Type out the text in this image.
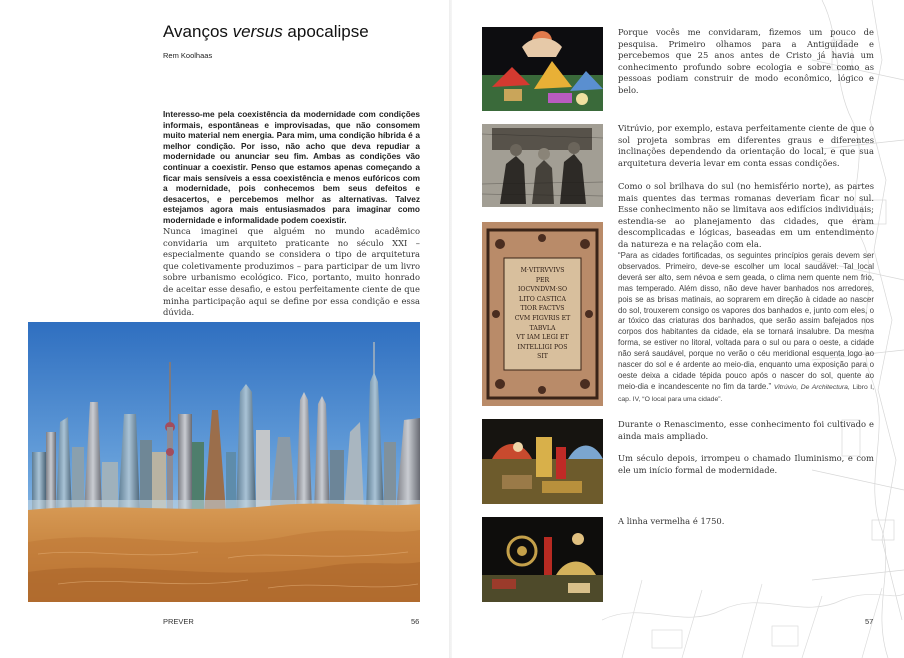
Avanços versus apocalipse
Rem Koolhaas

Interesso-me pela coexistência da modernidade com condições informais, espontâneas e improvisadas, que não consomem muito material nem energia. Para mim, uma condição híbrida é a melhor condição. Por isso, não acho que deva repudiar a modernidade ou anunciar seu fim. Ambas as condições vão continuar a coexistir. Penso que estamos apenas começando a ficar mais sensíveis a essa coexistência e menos eufóricos com a modernidade, pois conhecemos bem seus defeitos e desacertos, e percebemos melhor as alternativas. Talvez estejamos agora mais entusiasmados para imaginar como modernidade e informalidade podem coexistir.

Nunca imaginei que alguém no mundo acadêmico convidaria um arquiteto praticante no século XXI – especialmente quando se considera o tipo de arquitetura que coletivamente produzimos – para participar de um livro sobre urbanismo ecológico. Fico, portanto, muito honrado de aceitar esse desafio, e estou perfeitamente ciente de que minha participação aqui se define por essa condição e essa dúvida.

PREVER	56
M·VITRVVIVS
PER
IOCVNDVM·SO
LITO CASTICA
TIOR FACTVS
CVM FIGVRIS ET
TABVLA
VT IAM LEGI ET
INTELLIGI POS
SIT

Porque vocês me convidaram, fizemos um pouco de pesquisa. Primeiro olhamos para a Antiguidade e percebemos que 25 anos antes de Cristo já havia um conhecimento profundo sobre ecologia e sobre como as pessoas podiam construir de modo econômico, lógico e belo.

Vitrúvio, por exemplo, estava perfeitamente ciente de que o sol projeta sombras em diferentes graus e diferentes inclinações dependendo da orientação do local, e que sua arquitetura deveria levar em conta essas condições.

Como o sol brilhava do sul (no hemisfério norte), as partes mais quentes das termas romanas deveriam ficar no sul. Esse conhecimento não se limitava aos edifícios individuais; estendia-se ao planejamento das cidades, que eram descomplicadas e lógicas, baseadas em um entendimento da natureza e na relação com ela.

“Para as cidades fortificadas, os seguintes princípios gerais devem ser observados. Primeiro, deve-se escolher um local saudável. Tal local deverá ser alto, sem névoa e sem geada, o clima nem quente nem frio, mas temperado. Além disso, não deve haver banhados nos arredores, pois se as brisas matinais, ao soprarem em direção à cidade ao nascer do sol, trouxerem consigo os vapores dos banhados e, junto com eles, o ar tóxico das criaturas dos banhados, que serão assim bafejados nos corpos dos habitantes da cidade, ela se tornará insalubre. Da mesma forma, se estiver no litoral, voltada para o sul ou para o oeste, a cidade não será saudável, porque no verão o céu meridional esquenta logo ao nascer do sol e é ardente ao meio-dia, enquanto uma exposição para o oeste deixa a cidade tépida pouco após o nascer do sol, quente ao meio-dia e incandescente no fim da tarde.” Vitrúvio, De Architectura, Libro I, cap. IV, “O local para uma cidade”.

Durante o Renascimento, esse conhecimento foi cultivado e ainda mais ampliado.

Um século depois, irrompeu o chamado Iluminismo, e com ele um início formal de modernidade.

A linha vermelha é 1750.

57
